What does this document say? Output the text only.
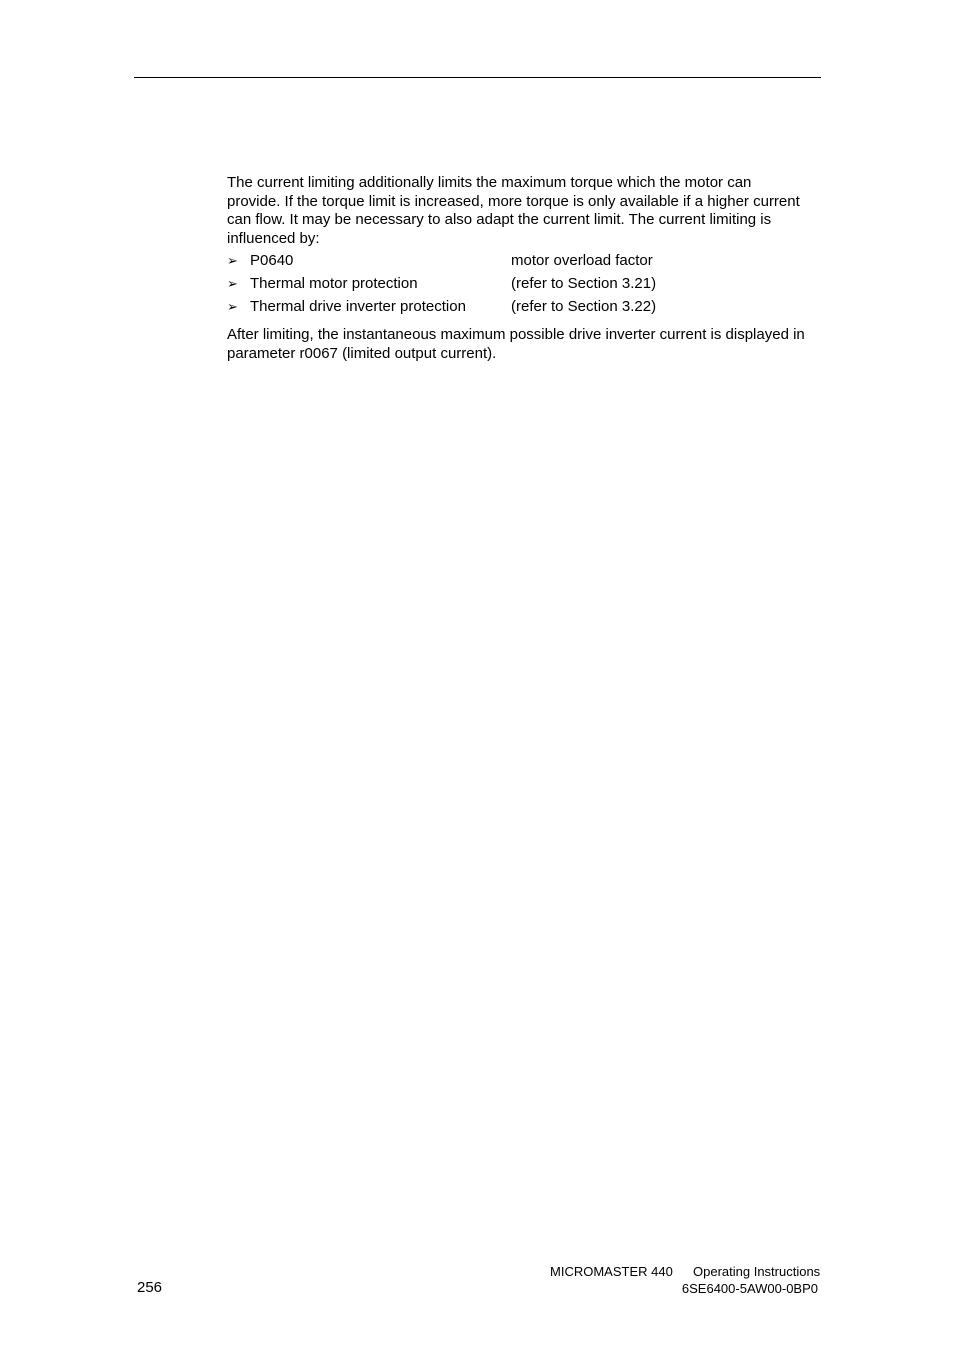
The current limiting additionally limits the maximum torque which the motor can provide. If the torque limit is increased, more torque is only available if a higher current can flow. It may be necessary to also adapt the current limit. The current limiting is influenced by:

➢ P0640	motor overload factor
➢ Thermal motor protection	(refer to Section 3.21)
➢ Thermal drive inverter protection	(refer to Section 3.22)

After limiting, the instantaneous maximum possible drive inverter current is displayed in parameter r0067 (limited output current).

256
MICROMASTER 440 Operating Instructions
6SE6400-5AW00-0BP0
